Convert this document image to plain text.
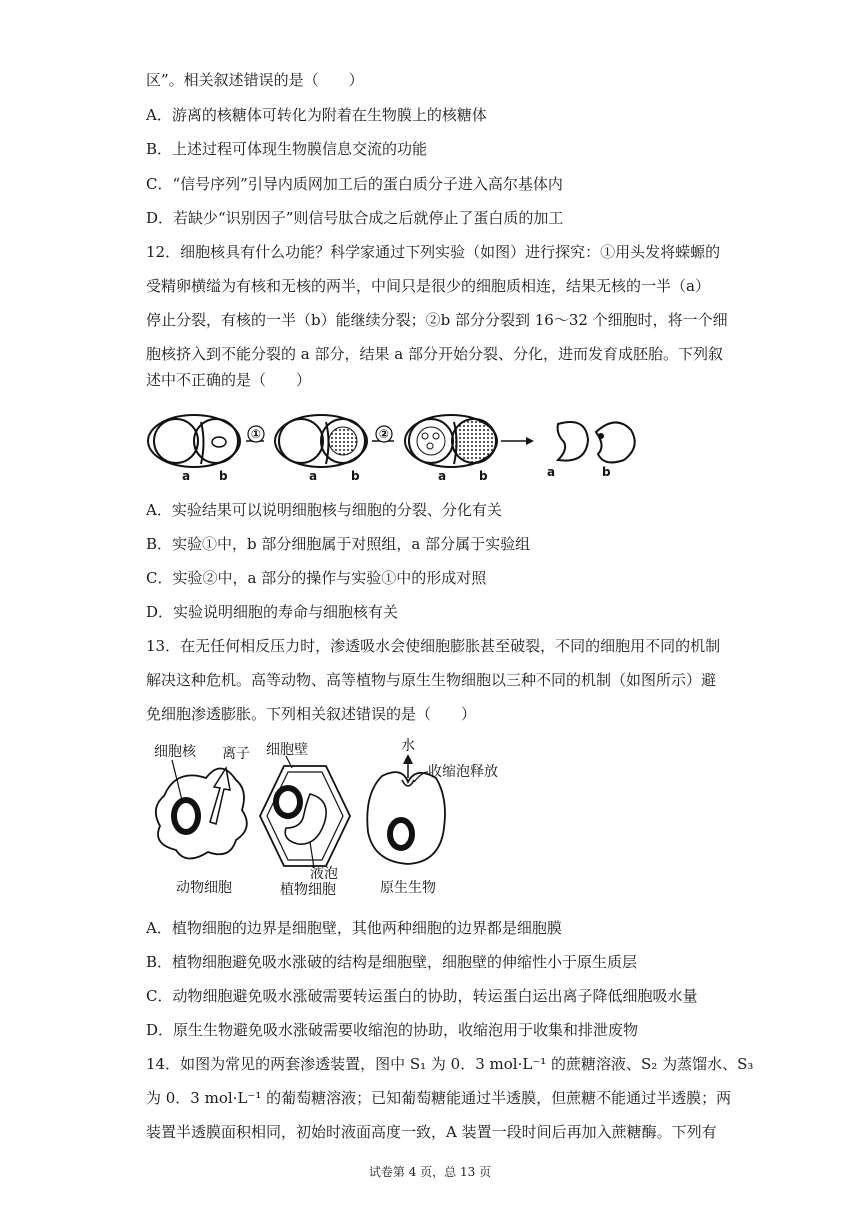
区”。相关叙述错误的是（　　）
A．游离的核糖体可转化为附着在生物膜上的核糖体
B．上述过程可体现生物膜信息交流的功能
C．“信号序列”引导内质网加工后的蛋白质分子进入高尔基体内
D．若缺少“识别因子”则信号肽合成之后就停止了蛋白质的加工
12．细胞核具有什么功能？科学家通过下列实验（如图）进行探究：①用头发将蝾螈的
受精卵横缢为有核和无核的两半，中间只是很少的细胞质相连，结果无核的一半（a）
停止分裂，有核的一半（b）能继续分裂；②b 部分分裂到 16～32 个细胞时，将一个细
胞核挤入到不能分裂的 a 部分，结果 a 部分开始分裂、分化，进而发育成胚胎。下列叙
述中不正确的是（　　）
①	②
a b	a	b	a	b	a	b
A．实验结果可以说明细胞核与细胞的分裂、分化有关
B．实验①中，b 部分细胞属于对照组，a 部分属于实验组
C．实验②中，a 部分的操作与实验①中的形成对照
D．实验说明细胞的寿命与细胞核有关
13．在无任何相反压力时，渗透吸水会使细胞膨胀甚至破裂，不同的细胞用不同的机制
解决这种危机。高等动物、高等植物与原生生物细胞以三种不同的机制（如图所示）避
免细胞渗透膨胀。下列相关叙述错误的是（　　）
细胞核 离子
动物细胞
细胞壁
液泡
植物细胞
水
收缩泡释放
原生生物
A．植物细胞的边界是细胞壁，其他两种细胞的边界都是细胞膜
B．植物细胞避免吸水涨破的结构是细胞壁，细胞壁的伸缩性小于原生质层
C．动物细胞避免吸水涨破需要转运蛋白的协助，转运蛋白运出离子降低细胞吸水量
D．原生生物避免吸水涨破需要收缩泡的协助，收缩泡用于收集和排泄废物
14．如图为常见的两套渗透装置，图中 S₁ 为 0．3 mol·L⁻¹ 的蔗糖溶液、S₂ 为蒸馏水、S₃
为 0．3 mol·L⁻¹ 的葡萄糖溶液；已知葡萄糖能通过半透膜，但蔗糖不能通过半透膜；两
装置半透膜面积相同，初始时液面高度一致，A 装置一段时间后再加入蔗糖酶。下列有
试卷第 4 页，总 13 页
